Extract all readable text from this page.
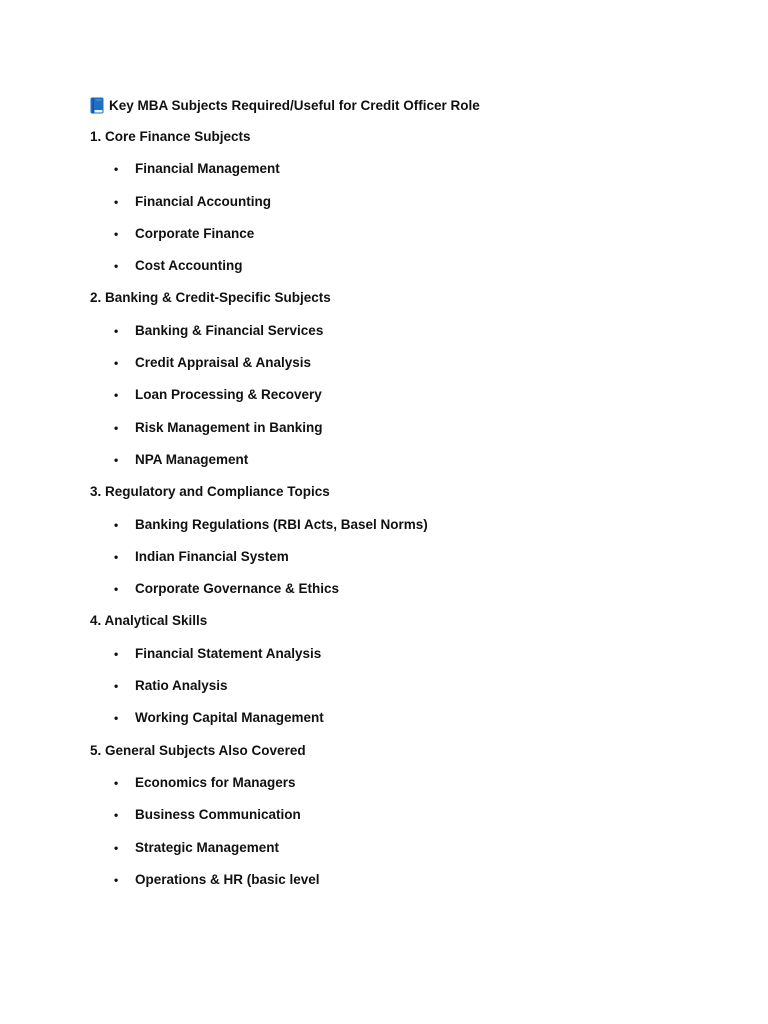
Key MBA Subjects Required/Useful for Credit Officer Role
1. Core Finance Subjects
• Financial Management
• Financial Accounting
• Corporate Finance
• Cost Accounting
2. Banking & Credit-Specific Subjects
• Banking & Financial Services
• Credit Appraisal & Analysis
• Loan Processing & Recovery
• Risk Management in Banking
• NPA Management
3. Regulatory and Compliance Topics
• Banking Regulations (RBI Acts, Basel Norms)
• Indian Financial System
• Corporate Governance & Ethics
4. Analytical Skills
• Financial Statement Analysis
• Ratio Analysis
• Working Capital Management
5. General Subjects Also Covered
• Economics for Managers
• Business Communication
• Strategic Management
• Operations & HR (basic level
